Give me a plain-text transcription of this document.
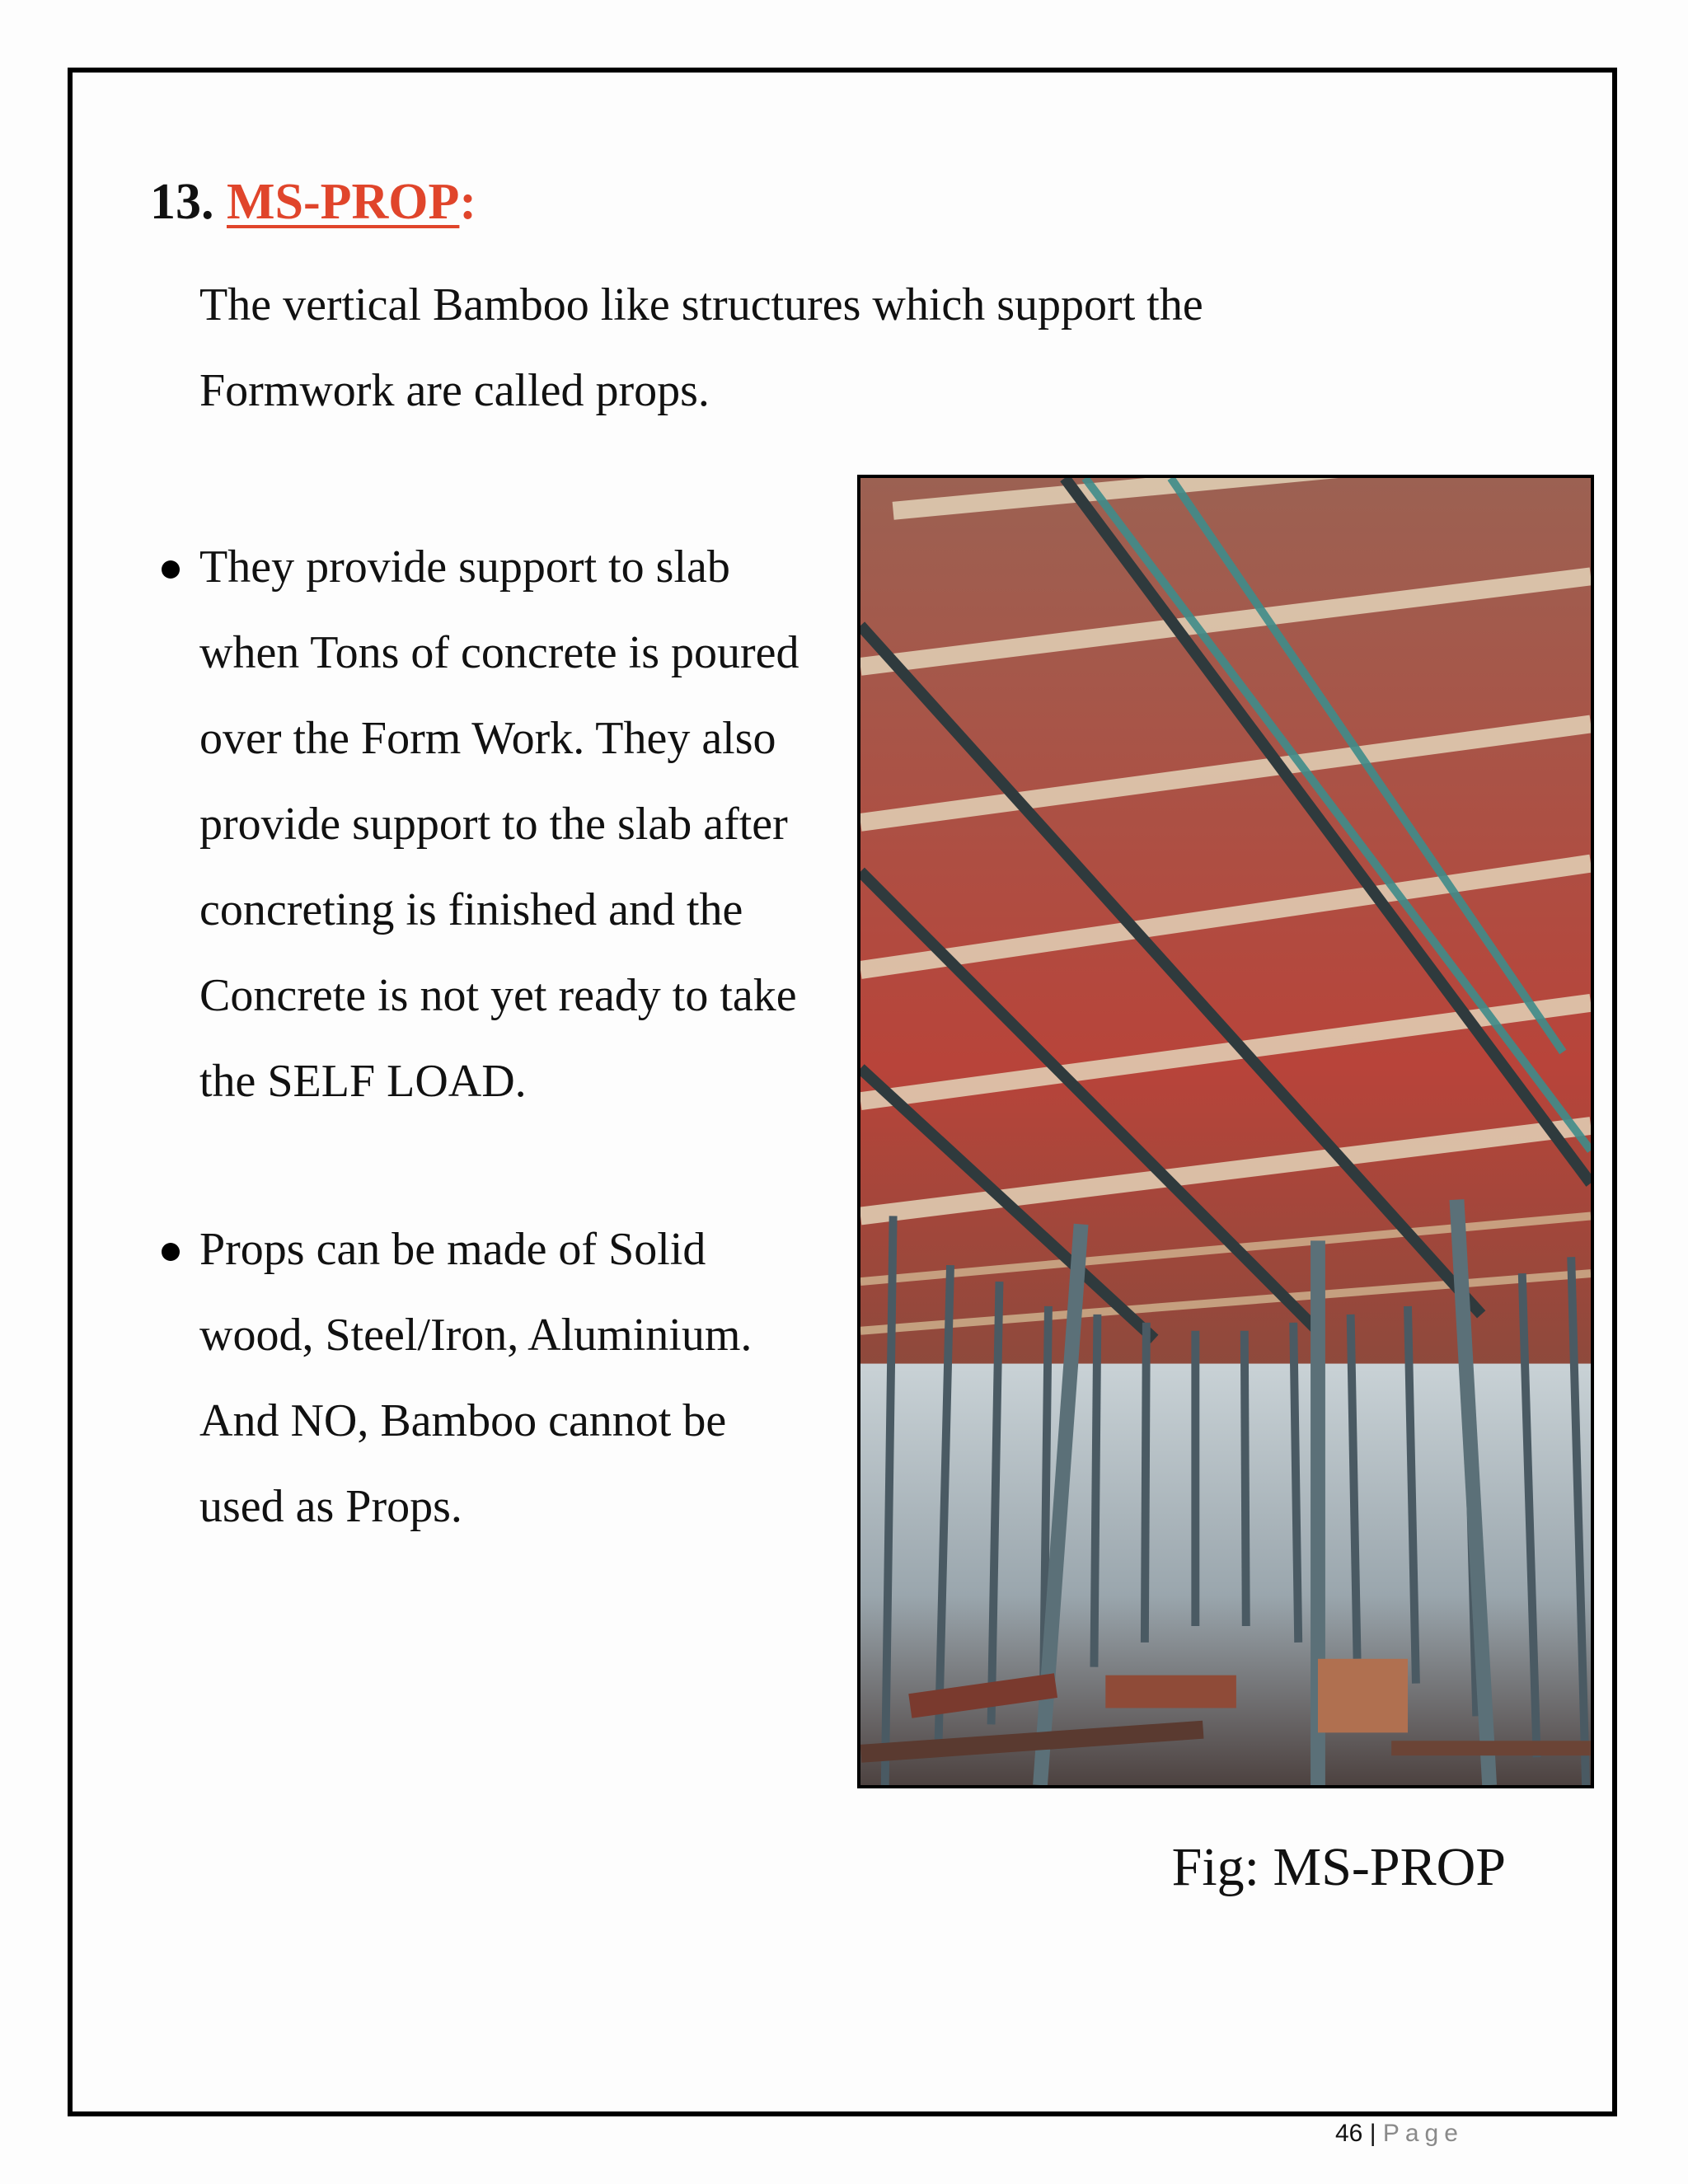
13. MS-PROP:

The vertical Bamboo like structures which support the Formwork are called props.

They provide support to slab when Tons of concrete is poured over the Form Work. They also provide support to the slab after concreting is finished and the Concrete is not yet ready to take the SELF LOAD.
Props can be made of Solid wood, Steel/Iron, Aluminium. And NO, Bamboo cannot be used as Props.

Fig: MS-PROP

46 | Page
